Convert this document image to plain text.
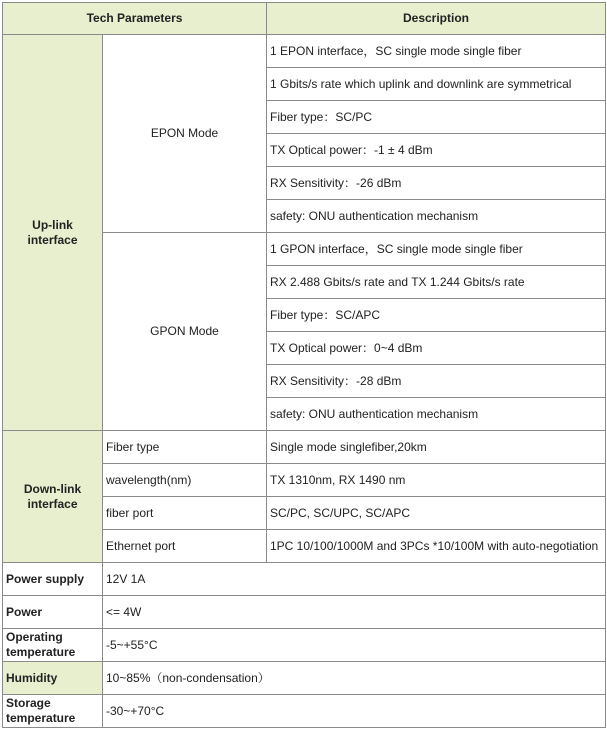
Tech Parameters		Description
Up-link interface	EPON Mode	1 EPON interface，SC single mode single fiber
		1 Gbits/s rate which uplink and downlink are symmetrical
		Fiber type：SC/PC
		TX Optical power：-1 ± 4 dBm
		RX Sensitivity：-26 dBm
		safety: ONU authentication mechanism
	GPON Mode	1 GPON interface，SC single mode single fiber
		RX 2.488 Gbits/s rate and TX 1.244 Gbits/s rate
		Fiber type：SC/APC
		TX Optical power：0~4 dBm
		RX Sensitivity：-28 dBm
		safety: ONU authentication mechanism
Down-link interface	Fiber type	Single mode singlefiber,20km
	wavelength(nm)	TX 1310nm, RX 1490 nm
	fiber port	SC/PC, SC/UPC, SC/APC
	Ethernet port	1PC 10/100/1000M and 3PCs *10/100M with auto-negotiation
Power supply	12V 1A	
Power	<= 4W	
Operating temperature	-5~+55°C	
Humidity	10~85%（non-condensation）	
Storage temperature	-30~+70°C	
